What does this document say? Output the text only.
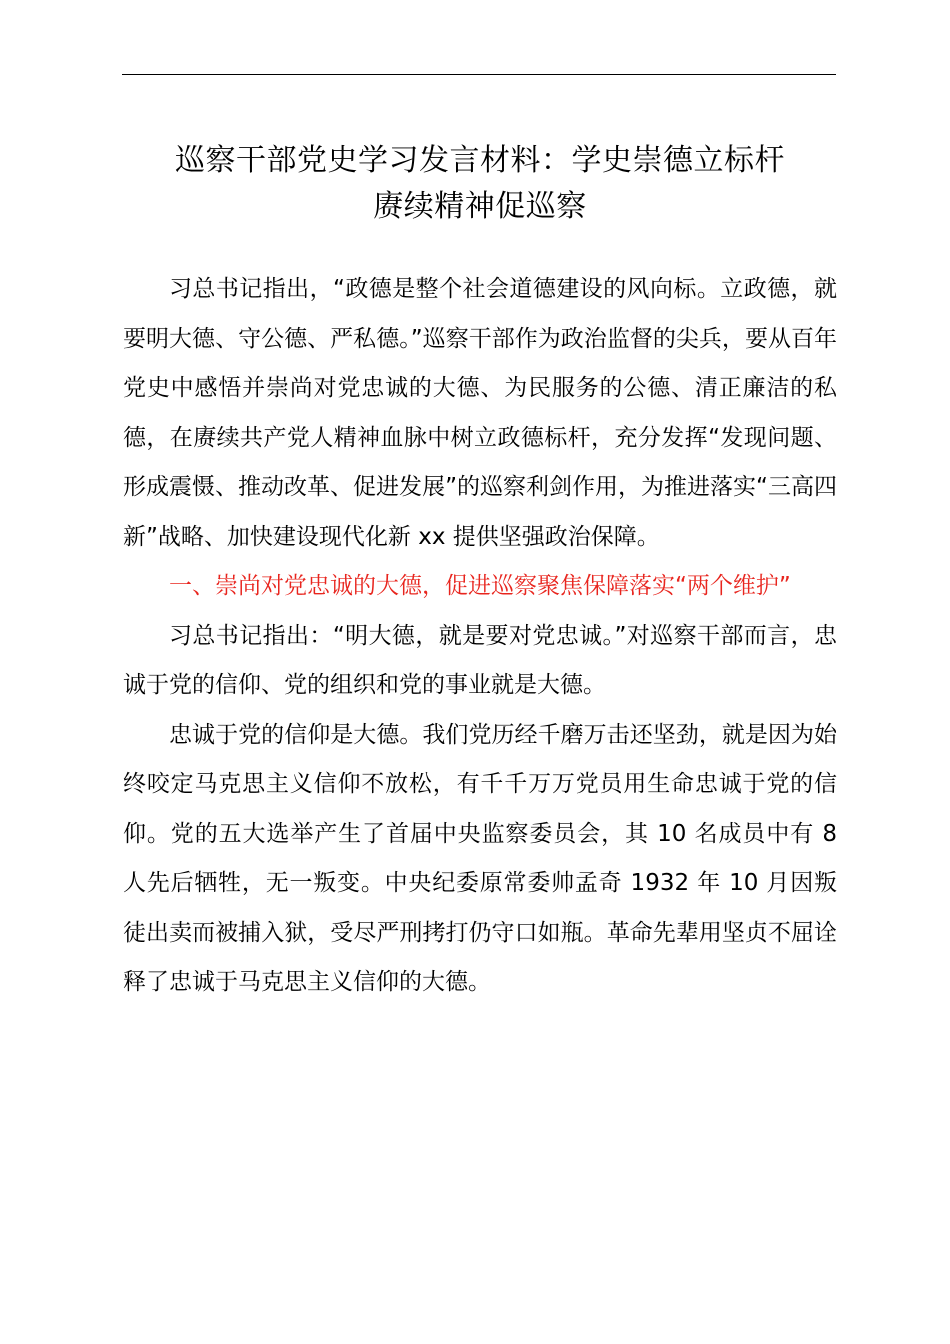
巡察干部党史学习发言材料：学史崇德立标杆
赓续精神促巡察

习总书记指出，“政德是整个社会道德建设的风向标。立政德，就要明大德、守公德、严私德。”巡察干部作为政治监督的尖兵，要从百年党史中感悟并崇尚对党忠诚的大德、为民服务的公德、清正廉洁的私德，在赓续共产党人精神血脉中树立政德标杆，充分发挥“发现问题、形成震慑、推动改革、促进发展”的巡察利剑作用，为推进落实“三高四新”战略、加快建设现代化新 xx 提供坚强政治保障。

一、崇尚对党忠诚的大德，促进巡察聚焦保障落实“两个维护”

习总书记指出：“明大德，就是要对党忠诚。”对巡察干部而言，忠诚于党的信仰、党的组织和党的事业就是大德。

忠诚于党的信仰是大德。我们党历经千磨万击还坚劲，就是因为始终咬定马克思主义信仰不放松，有千千万万党员用生命忠诚于党的信仰。党的五大选举产生了首届中央监察委员会，其 10 名成员中有 8 人先后牺牲，无一叛变。中央纪委原常委帅孟奇 1932 年 10 月因叛徒出卖而被捕入狱，受尽严刑拷打仍守口如瓶。革命先辈用坚贞不屈诠释了忠诚于马克思主义信仰的大德。
